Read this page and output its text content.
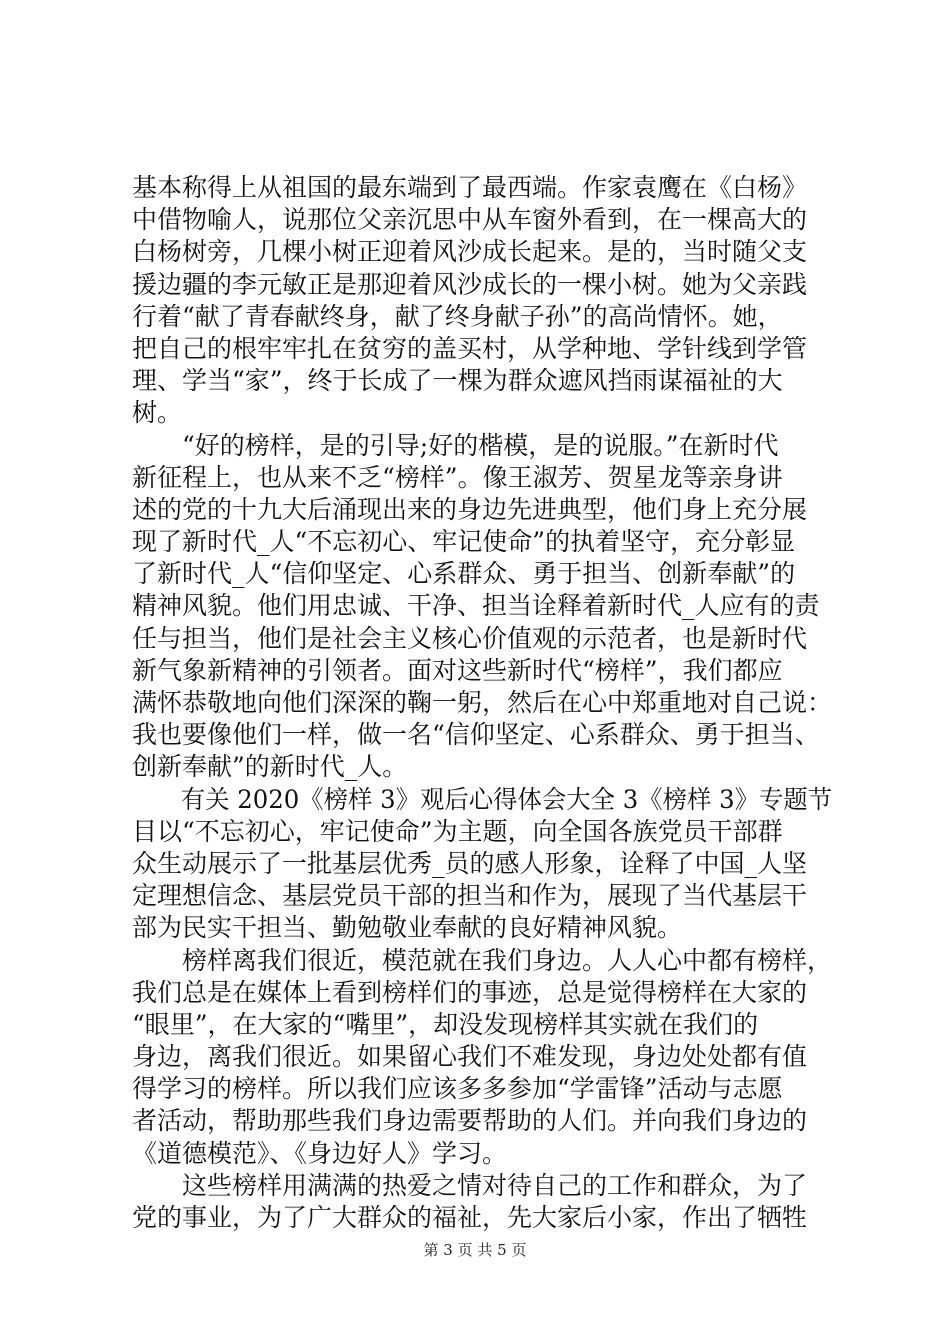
基本称得上从祖国的最东端到了最西端。作家袁鹰在《白杨》
中借物喻人，说那位父亲沉思中从车窗外看到，在一棵高大的
白杨树旁，几棵小树正迎着风沙成长起来。是的，当时随父支
援边疆的李元敏正是那迎着风沙成长的一棵小树。她为父亲践
行着“献了青春献终身，献了终身献子孙”的高尚情怀。她，
把自己的根牢牢扎在贫穷的盖买村，从学种地、学针线到学管
理、学当“家”，终于长成了一棵为群众遮风挡雨谋福祉的大
树。
“好的榜样，是的引导;好的楷模，是的说服。”在新时代
新征程上，也从来不乏“榜样”。像王淑芳、贺星龙等亲身讲
述的党的十九大后涌现出来的身边先进典型，他们身上充分展
现了新时代_人“不忘初心、牢记使命”的执着坚守，充分彰显
了新时代_人“信仰坚定、心系群众、勇于担当、创新奉献”的
精神风貌。他们用忠诚、干净、担当诠释着新时代_人应有的责
任与担当，他们是社会主义核心价值观的示范者，也是新时代
新气象新精神的引领者。面对这些新时代“榜样”，我们都应
满怀恭敬地向他们深深的鞠一躬，然后在心中郑重地对自己说：
我也要像他们一样，做一名“信仰坚定、心系群众、勇于担当、
创新奉献”的新时代_人。
有关 2020《榜样 3》观后心得体会大全 3《榜样 3》专题节
目以“不忘初心，牢记使命”为主题，向全国各族党员干部群
众生动展示了一批基层优秀_员的感人形象，诠释了中国_人坚
定理想信念、基层党员干部的担当和作为，展现了当代基层干
部为民实干担当、勤勉敬业奉献的良好精神风貌。
榜样离我们很近，模范就在我们身边。人人心中都有榜样，
我们总是在媒体上看到榜样们的事迹，总是觉得榜样在大家的
“眼里”，在大家的“嘴里”，却没发现榜样其实就在我们的
身边，离我们很近。如果留心我们不难发现，身边处处都有值
得学习的榜样。所以我们应该多多参加“学雷锋”活动与志愿
者活动，帮助那些我们身边需要帮助的人们。并向我们身边的
《道德模范》、《身边好人》学习。
这些榜样用满满的热爱之情对待自己的工作和群众，为了
党的事业，为了广大群众的福祉，先大家后小家，作出了牺牲
第 3 页 共 5 页
